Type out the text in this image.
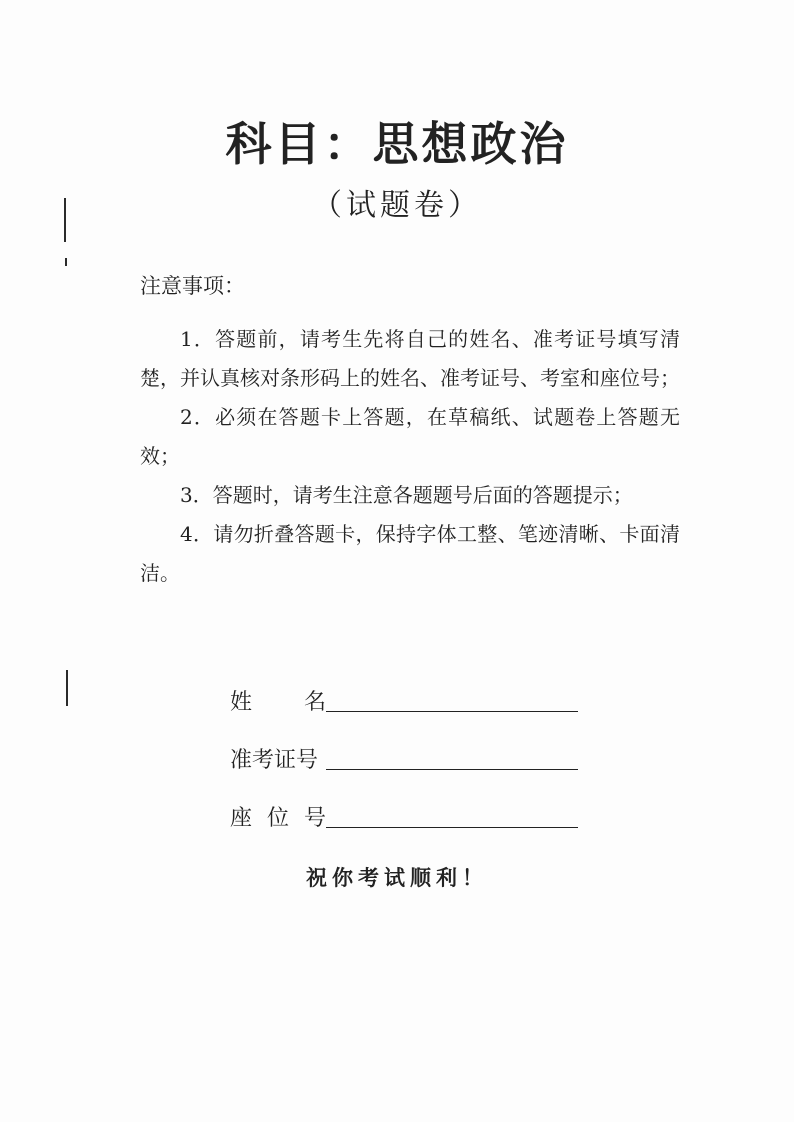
科目：思想政治
（试题卷）
注意事项：

1．答题前，请考生先将自己的姓名、准考证号填写清楚，并认真核对条形码上的姓名、准考证号、考室和座位号；

2．必须在答题卡上答题，在草稿纸、试题卷上答题无效；

3．答题时，请考生注意各题题号后面的答题提示；

4．请勿折叠答题卡，保持字体工整、笔迹清晰、卡面清洁。

姓 名
准考证号
座 位 号
祝你考试顺利！
